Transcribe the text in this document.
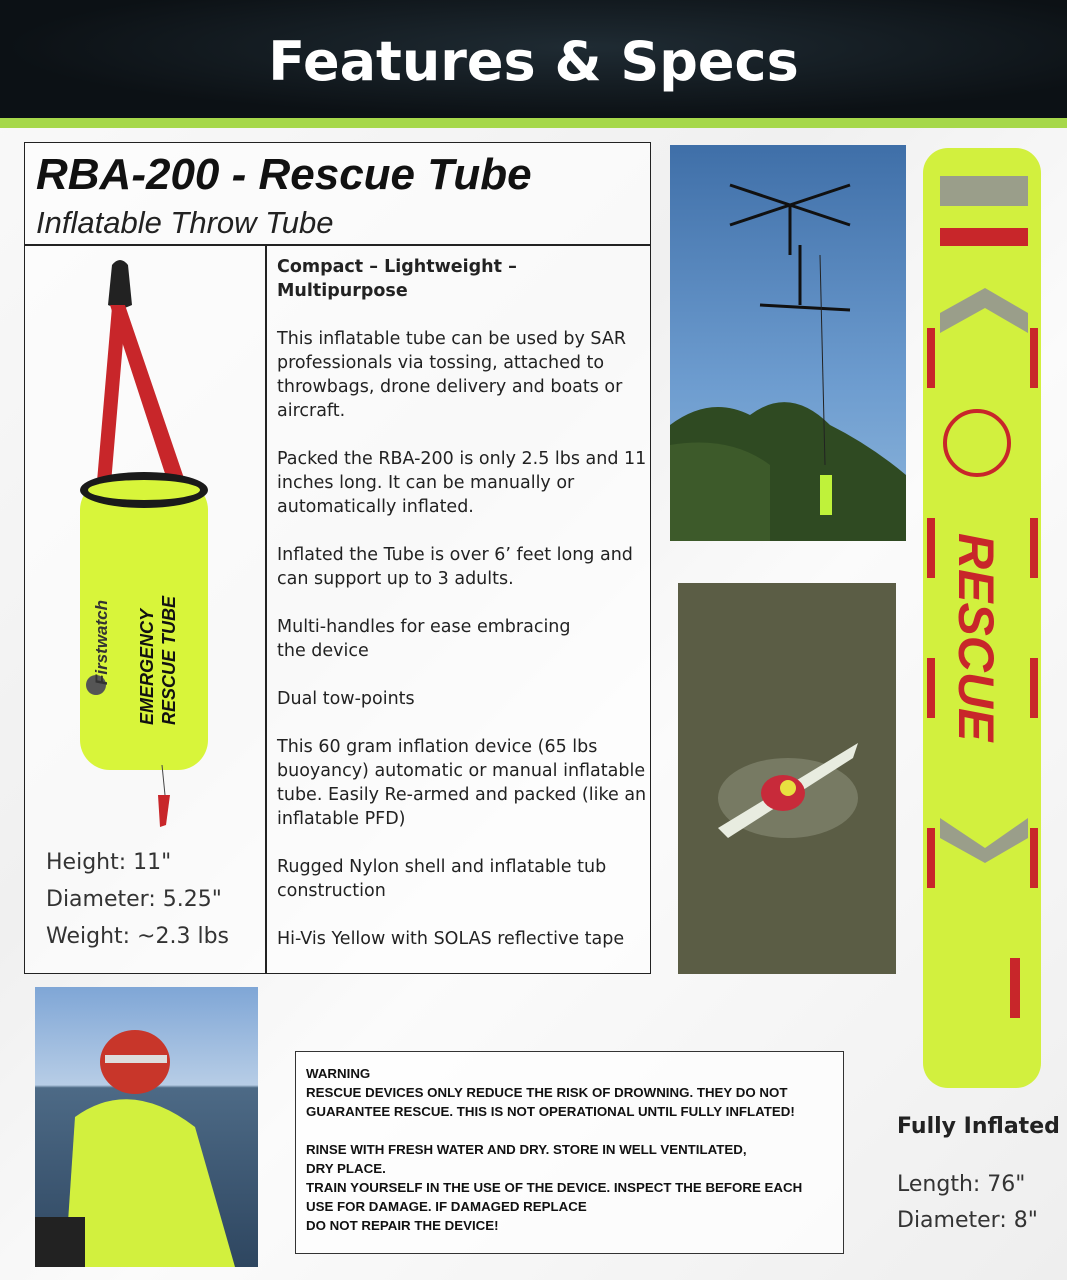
Features & Specs
RBA-200 - Rescue Tube
Inflatable Throw Tube
Firstwatch EMERGENCY RESCUE TUBE
Height: 11"
Diameter: 5.25"
Weight: ~2.3 lbs
Compact – Lightweight – Multipurpose

This inflatable tube can be used by SAR professionals via tossing, attached to throwbags, drone delivery and boats or aircraft.

Packed the RBA-200 is only 2.5 lbs and 11 inches long. It can be manually or automatically inflated.

Inflated the Tube is over 6’ feet long and can support up to 3 adults.

Multi-handles for ease embracing the device

Dual tow-points

This 60 gram inflation device (65 lbs buoyancy) automatic or manual inflatable tube. Easily Re-armed and packed (like an inflatable PFD)

Rugged Nylon shell and inflatable tub construction

Hi-Vis Yellow with SOLAS reflective tape

RESCUE
WARNING

RESCUE DEVICES ONLY REDUCE THE RISK OF DROWNING. THEY DO NOT GUARANTEE RESCUE. THIS IS NOT OPERATIONAL UNTIL FULLY INFLATED!

RINSE WITH FRESH WATER AND DRY. STORE IN WELL VENTILATED, DRY PLACE.
TRAIN YOURSELF IN THE USE OF THE DEVICE. INSPECT THE BEFORE EACH USE FOR DAMAGE. IF DAMAGED REPLACE
DO NOT REPAIR THE DEVICE!
Fully Inflated
Length: 76"
Diameter: 8"
